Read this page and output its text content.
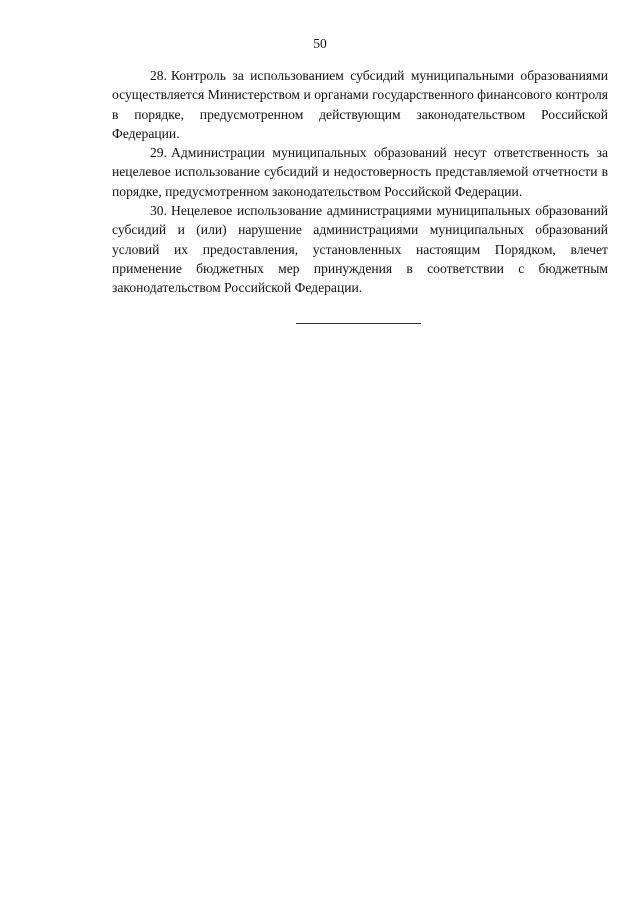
50

28. Контроль за использованием субсидий муниципальными образованиями осуществляется Министерством и органами государственного финансового контроля в порядке, предусмотренном действующим законодательством Российской Федерации.

29. Администрации муниципальных образований несут ответственность за нецелевое использование субсидий и недостоверность представляемой отчетности в порядке, предусмотренном законодательством Российской Федерации.

30. Нецелевое использование администрациями муниципальных образований субсидий и (или) нарушение администрациями муниципальных образований условий их предоставления, установленных настоящим Порядком, влечет применение бюджетных мер принуждения в соответствии с бюджетным законодательством Российской Федерации.
